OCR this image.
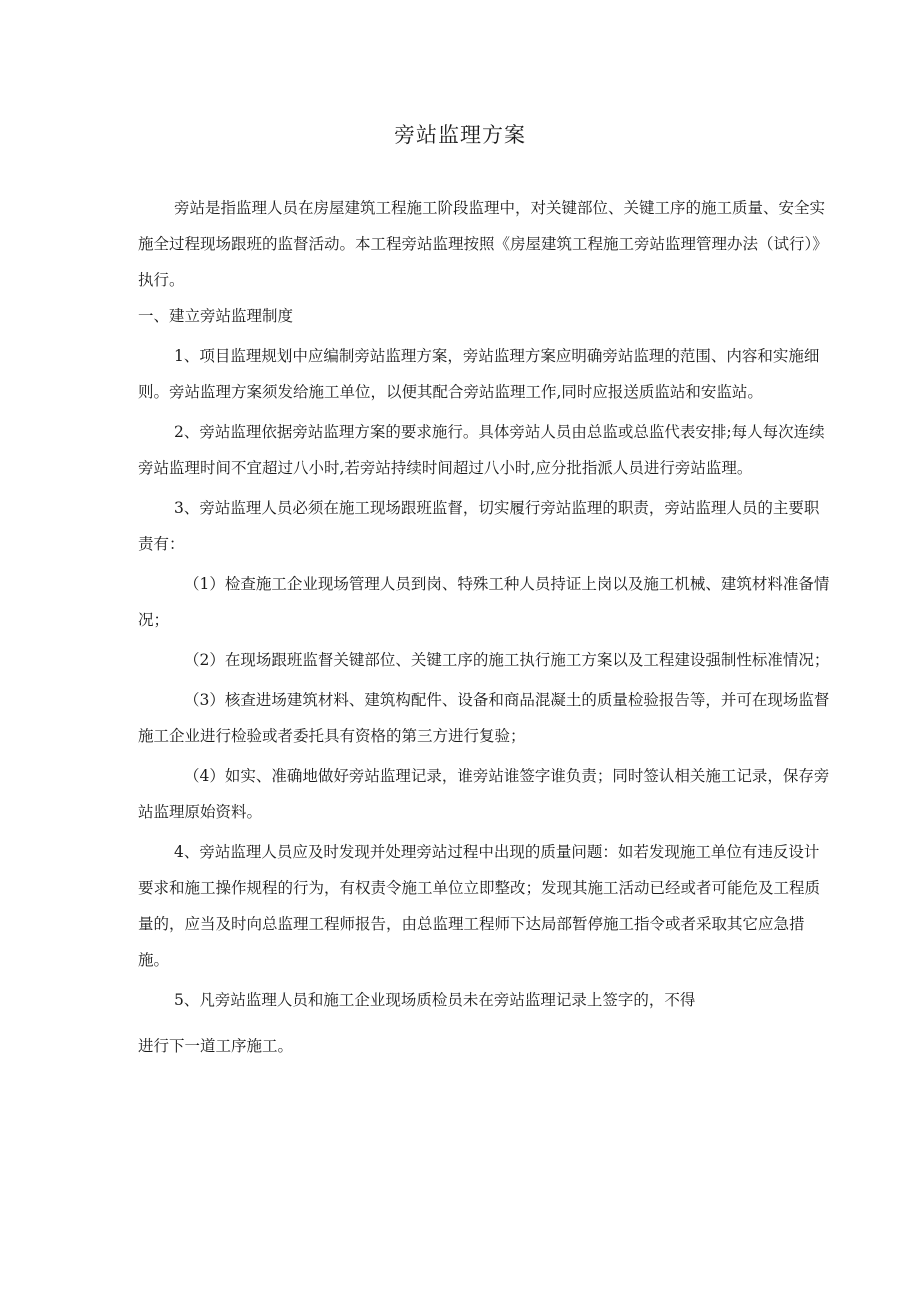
旁站监理方案

旁站是指监理人员在房屋建筑工程施工阶段监理中，对关键部位、关键工序的施工质量、安全实施全过程现场跟班的监督活动。本工程旁站监理按照《房屋建筑工程施工旁站监理管理办法（试行）》执行。

一、建立旁站监理制度

1、项目监理规划中应编制旁站监理方案，旁站监理方案应明确旁站监理的范围、内容和实施细则。旁站监理方案须发给施工单位，以便其配合旁站监理工作,同时应报送质监站和安监站。

2、旁站监理依据旁站监理方案的要求施行。具体旁站人员由总监或总监代表安排;每人每次连续旁站监理时间不宜超过八小时,若旁站持续时间超过八小时,应分批指派人员进行旁站监理。

3、旁站监理人员必须在施工现场跟班监督，切实履行旁站监理的职责，旁站监理人员的主要职责有：

（1）检查施工企业现场管理人员到岗、特殊工种人员持证上岗以及施工机械、建筑材料准备情况；

（2）在现场跟班监督关键部位、关键工序的施工执行施工方案以及工程建设强制性标准情况；

（3）核查进场建筑材料、建筑构配件、设备和商品混凝土的质量检验报告等，并可在现场监督施工企业进行检验或者委托具有资格的第三方进行复验；

（4）如实、准确地做好旁站监理记录，谁旁站谁签字谁负责；同时签认相关施工记录，保存旁站监理原始资料。

4、旁站监理人员应及时发现并处理旁站过程中出现的质量问题：如若发现施工单位有违反设计要求和施工操作规程的行为，有权责令施工单位立即整改；发现其施工活动已经或者可能危及工程质量的，应当及时向总监理工程师报告，由总监理工程师下达局部暂停施工指令或者采取其它应急措施。

5、凡旁站监理人员和施工企业现场质检员未在旁站监理记录上签字的，不得

进行下一道工序施工。
